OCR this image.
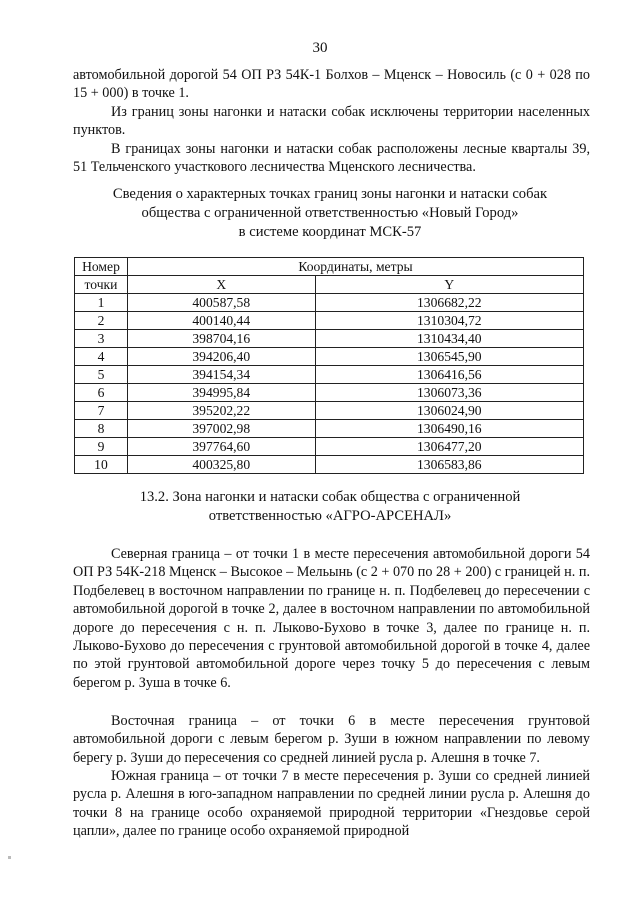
30

автомобильной дорогой 54 ОП РЗ 54К-1 Болхов – Мценск – Новосиль (с 0 + 028 по 15 + 000) в точке 1.

Из границ зоны нагонки и натаски собак исключены территории населенных пунктов.

В границах зоны нагонки и натаски собак расположены лесные кварталы 39, 51 Тельченского участкового лесничества Мценского лесничества.

Сведения о характерных точках границ зоны нагонки и натаски собак

общества с ограниченной ответственностью «Новый Город»

в системе координат МСК-57

Номер	Координаты, метры	
точки	X	Y
1	400587,58	1306682,22
2	400140,44	1310304,72
3	398704,16	1310434,40
4	394206,40	1306545,90
5	394154,34	1306416,56
6	394995,84	1306073,36
7	395202,22	1306024,90
8	397002,98	1306490,16
9	397764,60	1306477,20
10	400325,80	1306583,86

13.2. Зона нагонки и натаски собак общества с ограниченной

ответственностью «АГРО-АРСЕНАЛ»

Северная граница – от точки 1 в месте пересечения автомобильной дороги 54 ОП РЗ 54К-218 Мценск – Высокое – Мельынь (с 2 + 070 по 28 + 200) с границей н. п. Подбелевец в восточном направлении по границе н. п. Подбелевец до пересечении с автомобильной дорогой в точке 2, далее в восточном направлении по автомобильной дороге до пересечения с н. п. Лыково-Бухово в точке 3, далее по границе н. п. Лыково-Бухово до пересечения с грунтовой автомобильной дорогой в точке 4, далее по этой грунтовой автомобильной дороге через точку 5 до пересечения с левым берегом р. Зуша в точке 6.

Восточная граница – от точки 6 в месте пересечения грунтовой автомобильной дороги с левым берегом р. Зуши в южном направлении по левому берегу р. Зуши до пересечения со средней линией русла р. Алешня в точке 7.

Южная граница – от точки 7 в месте пересечения р. Зуши со средней линией русла р. Алешня в юго-западном направлении по средней линии русла р. Алешня до точки 8 на границе особо охраняемой природной территории «Гнездовье серой цапли», далее по границе особо охраняемой природной
